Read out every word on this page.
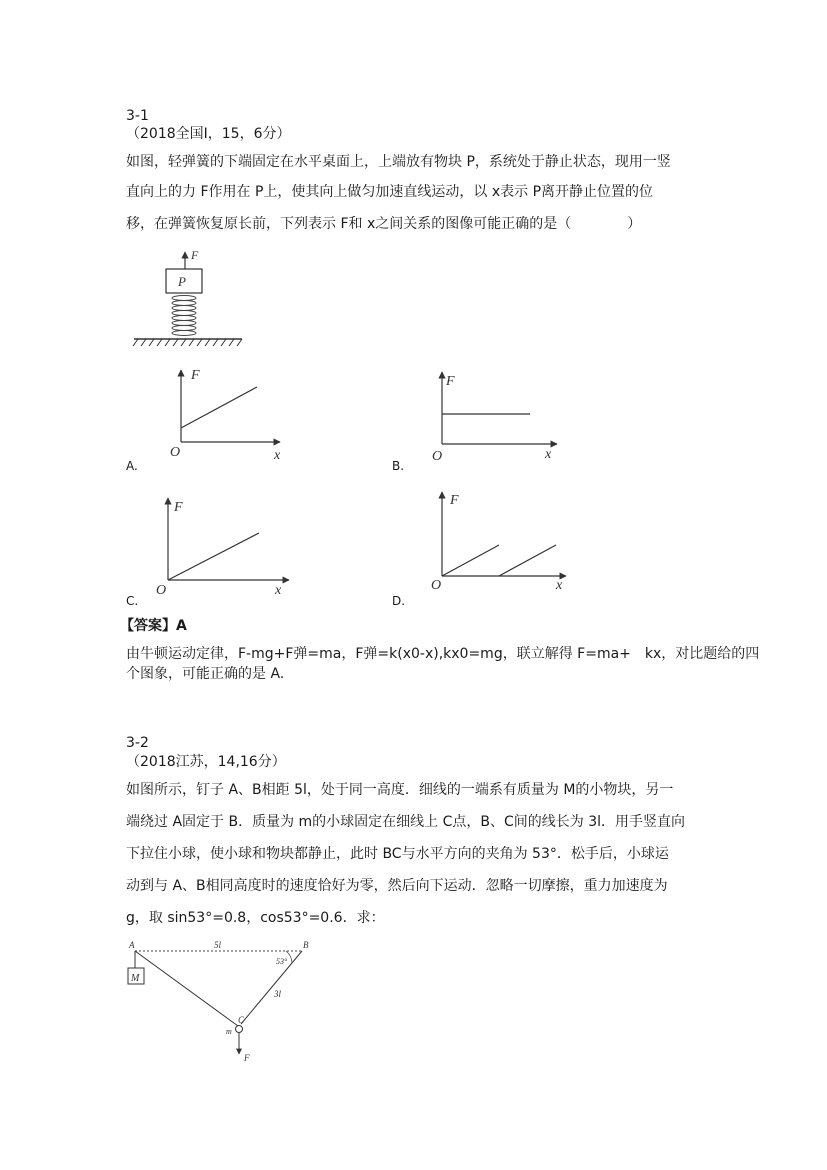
3-1
（2018全国Ⅰ，15，6分）
如图，轻弹簧的下端固定在水平桌面上，上端放有物块 P，系统处于静止状态，现用一竖
直向上的力 F作用在 P上，使其向上做匀加速直线运动，以 x表示 P离开静止位置的位
移，在弹簧恢复原长前，下列表示 F和 x之间关系的图像可能正确的是（　　　　）
F
P
F
O	x
A.
F
O	x
B.
F
O	x
C.
F
O	x
D.
【答案】A
由牛顿运动定律，F-mg+F弹=ma，F弹=k(x0-x),kx0=mg，联立解得 F=ma+　kx，对比题给的四
个图象，可能正确的是 A.
3-2
（2018江苏，14,16分）
如图所示，钉子 A、B相距 5l，处于同一高度．细线的一端系有质量为 M的小物块，另一
端绕过 A固定于 B．质量为 m的小球固定在细线上 C点，B、C间的线长为 3l．用手竖直向
下拉住小球，使小球和物块都静止，此时 BC与水平方向的夹角为 53°．松手后，小球运
动到与 A、B相同高度时的速度恰好为零，然后向下运动．忽略一切摩擦，重力加速度为
g，取 sin53°=0.8，cos53°=0.6．求：
M
A	B
5l
53°
3l
C
m
F
